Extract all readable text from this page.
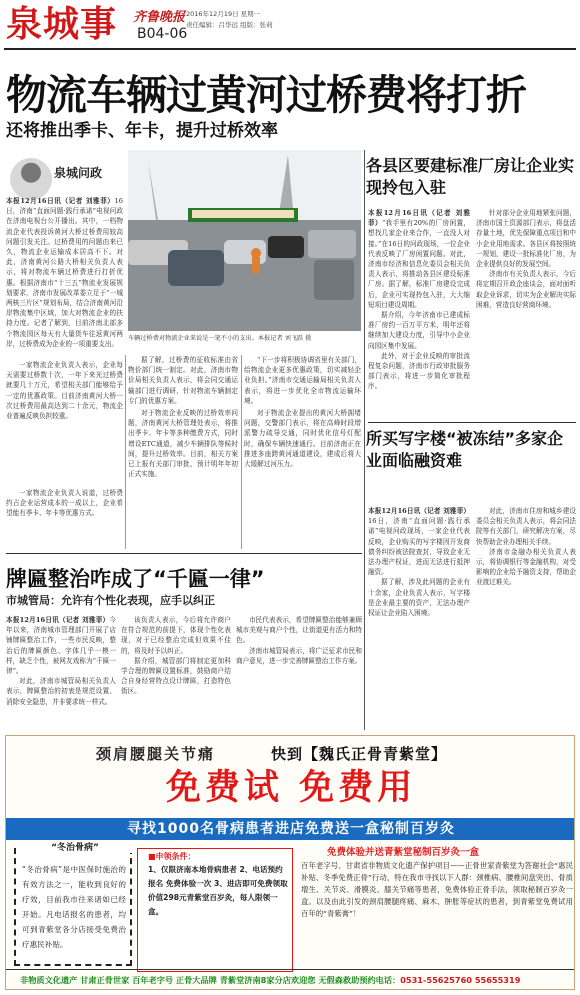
泉城事	齐鲁晚报 2016年12月19日 星期一
责任编辑：吕华远 组版：张莉
B04-06
物流车辆过黄河过桥费将打折
还将推出季卡、年卡，提升过桥效率
泉城问政
本报12月16日讯（记者 刘雅菲）16日，济南“直面问题·践行承诺”电视问政在济南电视台公开播出。其中，一档物流企业代表投诉黄河大桥过桥费用较高问题引发关注。过桥费用的问题由来已久，物流企业运输成本居高不下。对此，济南黄河公路大桥相关负责人表示，将对物流车辆过桥费进行打折优惠。根据济南市“十三五”物流业发展规划要求，济南市发展改革委立足于“一城两核三片区”规划布局，结合济南黄河沿岸物流集中区域，加大对物流企业的扶持力度。记者了解到，目前济南北部多个物流园区每天有大量货车往返黄河两岸，过桥费成为企业的一项重要支出。
一家物流企业负责人表示，企业每天需要过桥数十次，一年下来光过桥费就要几十万元，希望相关部门能够给予一定的优惠政策。目前济南黄河大桥一次过桥费用最高达到二十余元，物流企业普遍反映负担较重。
一家物流企业负责人说道，过桥费约占企业运营成本的一成以上，企业希望能有季卡、年卡等优惠方式。
车辆过桥费对物流企业来说是一笔不小的支出。本报记者 刘飞跃 摄
据了解，过桥费的征收标准由省物价部门统一制定。对此，济南市物价局相关负责人表示，将会同交通运输部门进行调研，针对物流车辆制定专门的优惠方案。
对于物流企业反映的过桥效率问题，济南黄河大桥管理处表示，将推出季卡、年卡等多种缴费方式，同时增设ETC通道，减少车辆排队等候时间，提升过桥效率。目前，相关方案已上报有关部门审批，预计明年年初正式实施。
“下一步将积极协调省里有关部门，给物流企业更多优惠政策，切实减轻企业负担。”济南市交通运输局相关负责人表示，将进一步优化全市物流运输环境。
对于物流企业提出的黄河大桥拥堵问题，交警部门表示，将在高峰时段增派警力疏导交通，同时优化信号灯配时，确保车辆快速通行。目前济南正在推进多座跨黄河通道建设，建成后将大大缓解过河压力。
各县区要建标准厂房让企业实现拎包入驻
本报12月16日讯（记者 刘雅菲）“我手里有20%的厂房闲置，想找几家企业来合作，一直没人对接。”在16日的问政现场，一位企业代表反映了厂房闲置问题。对此，济南市经济和信息化委员会相关负责人表示，将推动各县区建设标准厂房。据了解，标准厂房建设完成后，企业可实现拎包入驻，大大缩短项目建设周期。
据介绍，今年济南市已建成标准厂房约一百万平方米，明年还将继续加大建设力度，引导中小企业向园区集中发展。
此外，对于企业反映的审批流程复杂问题，济南市行政审批服务部门表示，将进一步简化审批程序。
针对部分企业用地紧张问题，济南市国土资源部门表示，将盘活存量土地，优先保障重点项目和中小企业用地需求。各县区将按照统一规划，建设一批标准化厂房，为企业提供良好的发展空间。
济南市有关负责人表示，今后将定期召开政企座谈会，面对面听取企业诉求，切实为企业解决实际困难，营造良好营商环境。
所买写字楼“被冻结”多家企业面临融资难
本报12月16日讯（记者 刘雅菲）16日，济南“直面问题·践行承诺”电视问政现场，一家企业代表反映，企业购买的写字楼因开发商债务纠纷被法院查封，导致企业无法办理产权证，进而无法进行抵押融资。
据了解，涉及此问题的企业有十余家，企业负责人表示，写字楼是企业最主要的资产，无法办理产权证让企业陷入困境。
对此，济南市住房和城乡建设委员会相关负责人表示，将会同法院等有关部门，研究解决方案，尽快帮助企业办理相关手续。
济南市金融办相关负责人表示，将协调银行等金融机构，对受影响的企业给予融资支持，帮助企业渡过难关。
牌匾整治咋成了“千匾一律”
市城管局：允许有个性化表现，应手以纠正
本报12月16日讯（记者 刘雅菲）今年以来，济南城市管理部门开展了店铺牌匾整治工作，一些市民反映，整治后的牌匾颜色、字体几乎一模一样，缺乏个性，被网友戏称为“千匾一律”。
对此，济南市城管局相关负责人表示，牌匾整治的初衷是规范设置、消除安全隐患，并非要求统一样式。
该负责人表示，今后将允许商户在符合规范的前提下，体现个性化表现，对于已经整治完成但效果不佳的，将及时予以纠正。
据介绍，城管部门将制定更加科学合理的牌匾设置标准，鼓励商户结合自身经营特点设计牌匾，打造特色街区。
市民代表表示，希望牌匾整治能够兼顾城市美观与商户个性，让街道更有活力和特色。
济南市城管局表示，将广泛征求市民和商户意见，进一步完善牌匾整治工作方案。
颈肩腰腿关节痛	快到【魏氏正骨青紫堂】
免费试 免费用
寻找1000名骨病患者进店免费送一盒秘制百岁灸
“冬治骨病”
“冬治骨病”是中医保时施治的有效方法之一，能收到良好的疗效，目前我市往来诸如已经开始。凡电话报名的患者，均可到青紫堂各分店接受免费治疗惠民补贴。
■申领条件：
1、仅限济南本地骨病患者 2、电话预约报名 免费体验一次 3、进店即可免费领取价值298元青紫堂百岁灸，每人限领一盒。
免费体验并送青紫堂秘制百岁灸一盒
百年老字号、甘肃省非物质文化遗产保护项目——正骨世家青紫堂为答谢社会“惠民补贴、冬季免费正骨”行动，特在我市寻找以下人群：颈椎病、腰椎间盘突出、骨质增生、关节炎、滑膜炎、膝关节痛等患者，免费体验正骨手法，领取秘制百岁灸一盒。以及由此引发的颈肩腰腿疼痛、麻木、肿胀等症状的患者，到青紫堂免费试用百年的“青紫膏”！
非物质文化遗产 甘肃正骨世家 百年老字号 正骨大品牌 青紫堂济南8家分店欢迎您 无假森救助预约电话：0531-55625760 55655319
